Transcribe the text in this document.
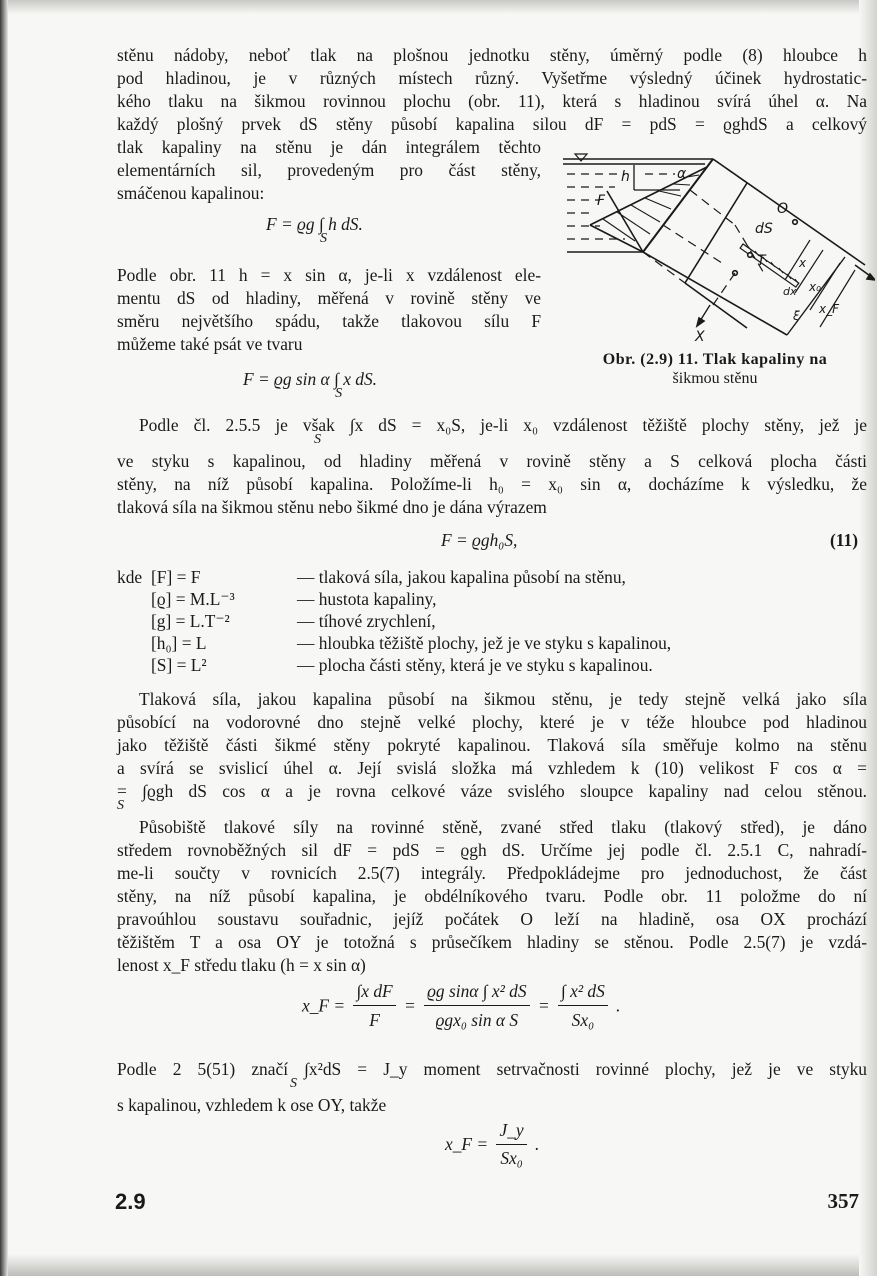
stěnu nádoby, neboť tlak na plošnou jednotku stěny, úměrný podle (8) hloubce h
pod hladinou, je v různých místech různý. Vyšetřme výsledný účinek hydrostatic-
kého tlaku na šikmou rovinnou plochu (obr. 11), která s hladinou svírá úhel α. Na
každý plošný prvek dS stěny působí kapalina silou dF = pdS = ϱghdS a celkový
tlak kapaliny na stěnu je dán integrálem těchto
elementárních sil, provedeným pro část stěny,
smáčenou kapalinou:
F = ϱg ∫
S
h dS.
Podle obr. 11 h = x sin α, je-li x vzdálenost ele-
mentu dS od hladiny, měřená v rovině stěny ve
směru největšího spádu, takže tlakovou sílu F
můžeme také psát ve tvaru
F = ϱg sin α ∫
S
x dS.
h	α
F	O
dS
T	x
dx x₀
x_F
ξ
X
Obr. (2.9) 11. Tlak kapaliny na
šikmou stěnu
Podle čl. 2.5.5 je však ∫x dS = x₀S, je-li x₀ vzdálenost těžiště plochy stěny, jež je
S
ve styku s kapalinou, od hladiny měřená v rovině stěny a S celková plocha části
stěny, na níž působí kapalina. Položíme-li h₀ = x₀ sin α, docházíme k výsledku, že
tlaková síla na šikmou stěnu nebo šikmé dno je dána výrazem
F = ϱgh₀S,	(11)
kde [F] = F	— tlaková síla, jakou kapalina působí na stěnu,
[ϱ] = M.L⁻³	— hustota kapaliny,
[g] = L.T⁻²	— tíhové zrychlení,
[h₀] = L	— hloubka těžiště plochy, jež je ve styku s kapalinou,
[S] = L²	— plocha části stěny, která je ve styku s kapalinou.
Tlaková síla, jakou kapalina působí na šikmou stěnu, je tedy stejně velká jako síla
působící na vodorovné dno stejně velké plochy, které je v téže hloubce pod hladinou
jako těžiště části šikmé stěny pokryté kapalinou. Tlaková síla směřuje kolmo na stěnu
a svírá se svislicí úhel α. Její svislá složka má vzhledem k (10) velikost F cos α =
= ∫ϱgh dS cos α a je rovna celkové váze svislého sloupce kapaliny nad celou stěnou.
S
Působiště tlakové síly na rovinné stěně, zvané střed tlaku (tlakový střed), je dáno
středem rovnoběžných sil dF = pdS = ϱgh dS. Určíme jej podle čl. 2.5.1 C, nahradí-
me-li součty v rovnicích 2.5(7) integrály. Předpokládejme pro jednoduchost, že část
stěny, na níž působí kapalina, je obdélníkového tvaru. Podle obr. 11 položme do ní
pravoúhlou soustavu souřadnic, jejíž počátek O leží na hladině, osa OX prochází
těžištěm T a osa OY je totožná s průsečíkem hladiny se stěnou. Podle 2.5(7) je vzdá-
lenost x_F středu tlaku (h = x sin α)
x_F = $\frac{\text{∫x dF}}{F} = \frac{\text{ϱg sinα ∫ x² dS}}{\text{ϱgx₀ sin α S}} = \frac{\text{∫ x² dS}}{\text{Sx₀}}$ .
Podle 2 5(51) značí ∫x²dS = J_y moment setrvačnosti rovinné plochy, jež je ve styku
S
s kapalinou, vzhledem k ose OY, takže
x_F = $\frac{J\_y}{\text{Sx₀}}$ .
2.9	357
